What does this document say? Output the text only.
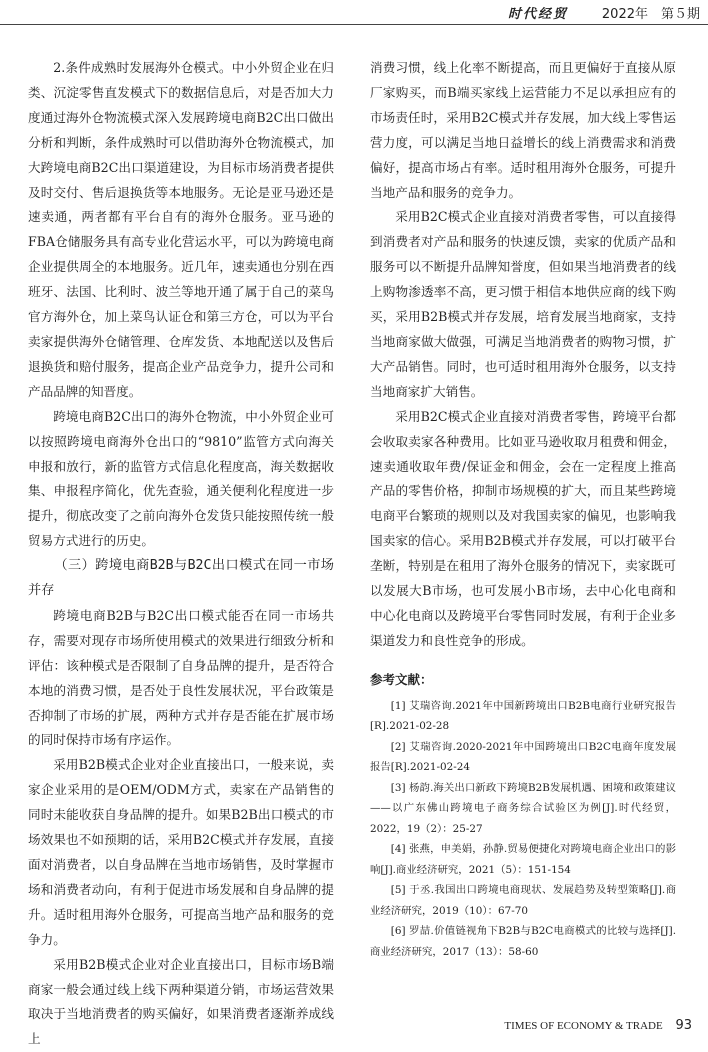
时代经贸	2022年　第５期

2.条件成熟时发展海外仓模式。中小外贸企业在归类、沉淀零售直发模式下的数据信息后，对是否加大力度通过海外仓物流模式深入发展跨境电商B2C出口做出分析和判断，条件成熟时可以借助海外仓物流模式，加大跨境电商B2C出口渠道建设，为目标市场消费者提供及时交付、售后退换货等本地服务。无论是亚马逊还是速卖通，两者都有平台自有的海外仓服务。亚马逊的FBA仓储服务具有高专业化营运水平，可以为跨境电商企业提供周全的本地服务。近几年，速卖通也分别在西班牙、法国、比利时、波兰等地开通了属于自己的菜鸟官方海外仓，加上菜鸟认证仓和第三方仓，可以为平台卖家提供海外仓储管理、仓库发货、本地配送以及售后退换货和赔付服务，提高企业产品竞争力，提升公司和产品品牌的知晋度。

跨境电商B2C出口的海外仓物流，中小外贸企业可以按照跨境电商海外仓出口的“9810”监管方式向海关申报和放行，新的监管方式信息化程度高，海关数据收集、申报程序简化，优先查验，通关便利化程度进一步提升，彻底改变了之前向海外仓发货只能按照传统一般贸易方式进行的历史。

（三）跨境电商B2B与B2C出口模式在同一市场并存

跨境电商B2B与B2C出口模式能否在同一市场共存，需要对现存市场所使用模式的效果进行细致分析和评估：该种模式是否限制了自身品牌的提升，是否符合本地的消费习惯，是否处于良性发展状况，平台政策是否抑制了市场的扩展，两种方式并存是否能在扩展市场的同时保持市场有序运作。

采用B2B模式企业对企业直接出口，一般来说，卖家企业采用的是OEM/ODM方式，卖家在产品销售的同时未能收获自身品牌的提升。如果B2B出口模式的市场效果也不如预期的话，采用B2C模式并存发展，直接面对消费者，以自身品牌在当地市场销售，及时掌握市场和消费者动向，有利于促进市场发展和自身品牌的提升。适时租用海外仓服务，可提高当地产品和服务的竞争力。

采用B2B模式企业对企业直接出口，目标市场B端商家一般会通过线上线下两种渠道分销，市场运营效果取决于当地消费者的购买偏好，如果消费者逐渐养成线上

消费习惯，线上化率不断提高，而且更偏好于直接从原厂家购买，而B端买家线上运营能力不足以承担应有的市场责任时，采用B2C模式并存发展，加大线上零售运营力度，可以满足当地日益增长的线上消费需求和消费偏好，提高市场占有率。适时租用海外仓服务，可提升当地产品和服务的竞争力。

采用B2C模式企业直接对消费者零售，可以直接得到消费者对产品和服务的快速反馈，卖家的优质产品和服务可以不断提升品牌知誉度，但如果当地消费者的线上购物渗透率不高，更习惯于相信本地供应商的线下购买，采用B2B模式并存发展，培育发展当地商家，支持当地商家做大做强，可满足当地消费者的购物习惯，扩大产品销售。同时，也可适时租用海外仓服务，以支持当地商家扩大销售。

采用B2C模式企业直接对消费者零售，跨境平台都会收取卖家各种费用。比如亚马逊收取月租费和佣金，速卖通收取年费/保证金和佣金，会在一定程度上推高产品的零售价格，抑制市场规模的扩大，而且某些跨境电商平台繁琐的规则以及对我国卖家的偏见，也影响我国卖家的信心。采用B2B模式并存发展，可以打破平台垄断，特别是在租用了海外仓服务的情况下，卖家既可以发展大B市场，也可发展小B市场，去中心化电商和中心化电商以及跨境平台零售同时发展，有利于企业多渠道发力和良性竞争的形成。

参考文献：

[1] 艾瑞咨询.2021年中国新跨境出口B2B电商行业研究报告[R].2021-02-28

[2] 艾瑞咨询.2020-2021年中国跨境出口B2C电商年度发展报告[R].2021-02-24

[3] 杨韵.海关出口新政下跨境B2B发展机遇、困境和政策建议——以广东佛山跨境电子商务综合试验区为例[J].时代经贸，2022，19（2）：25-27

[4] 张燕，申美娟，孙静.贸易便捷化对跨境电商企业出口的影响[J].商业经济研究，2021（5）：151-154

[5] 于丞.我国出口跨境电商现状、发展趋势及转型策略[J].商业经济研究，2019（10）：67-70

[6] 罗喆.价值链视角下B2B与B2C电商模式的比较与选择[J].商业经济研究，2017（13）：58-60

TIMES OF ECONOMY & TRADE 93
